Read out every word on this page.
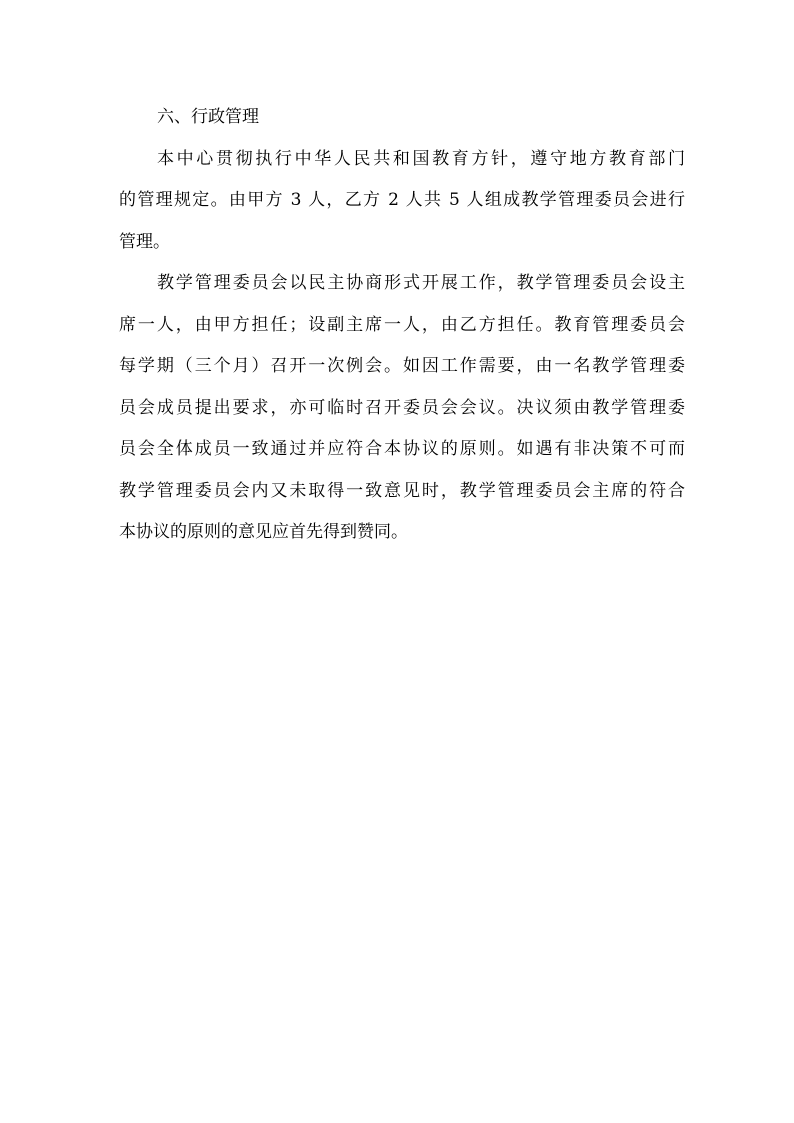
六、行政管理
本中心贯彻执行中华人民共和国教育方针，遵守地方教育部门
的管理规定。由甲方 3 人，乙方 2 人共 5 人组成教学管理委员会进行
管理。
教学管理委员会以民主协商形式开展工作，教学管理委员会设主
席一人，由甲方担任；设副主席一人，由乙方担任。教育管理委员会
每学期（三个月）召开一次例会。如因工作需要，由一名教学管理委
员会成员提出要求，亦可临时召开委员会会议。决议须由教学管理委
员会全体成员一致通过并应符合本协议的原则。如遇有非决策不可而
教学管理委员会内又未取得一致意见时，教学管理委员会主席的符合
本协议的原则的意见应首先得到赞同。
